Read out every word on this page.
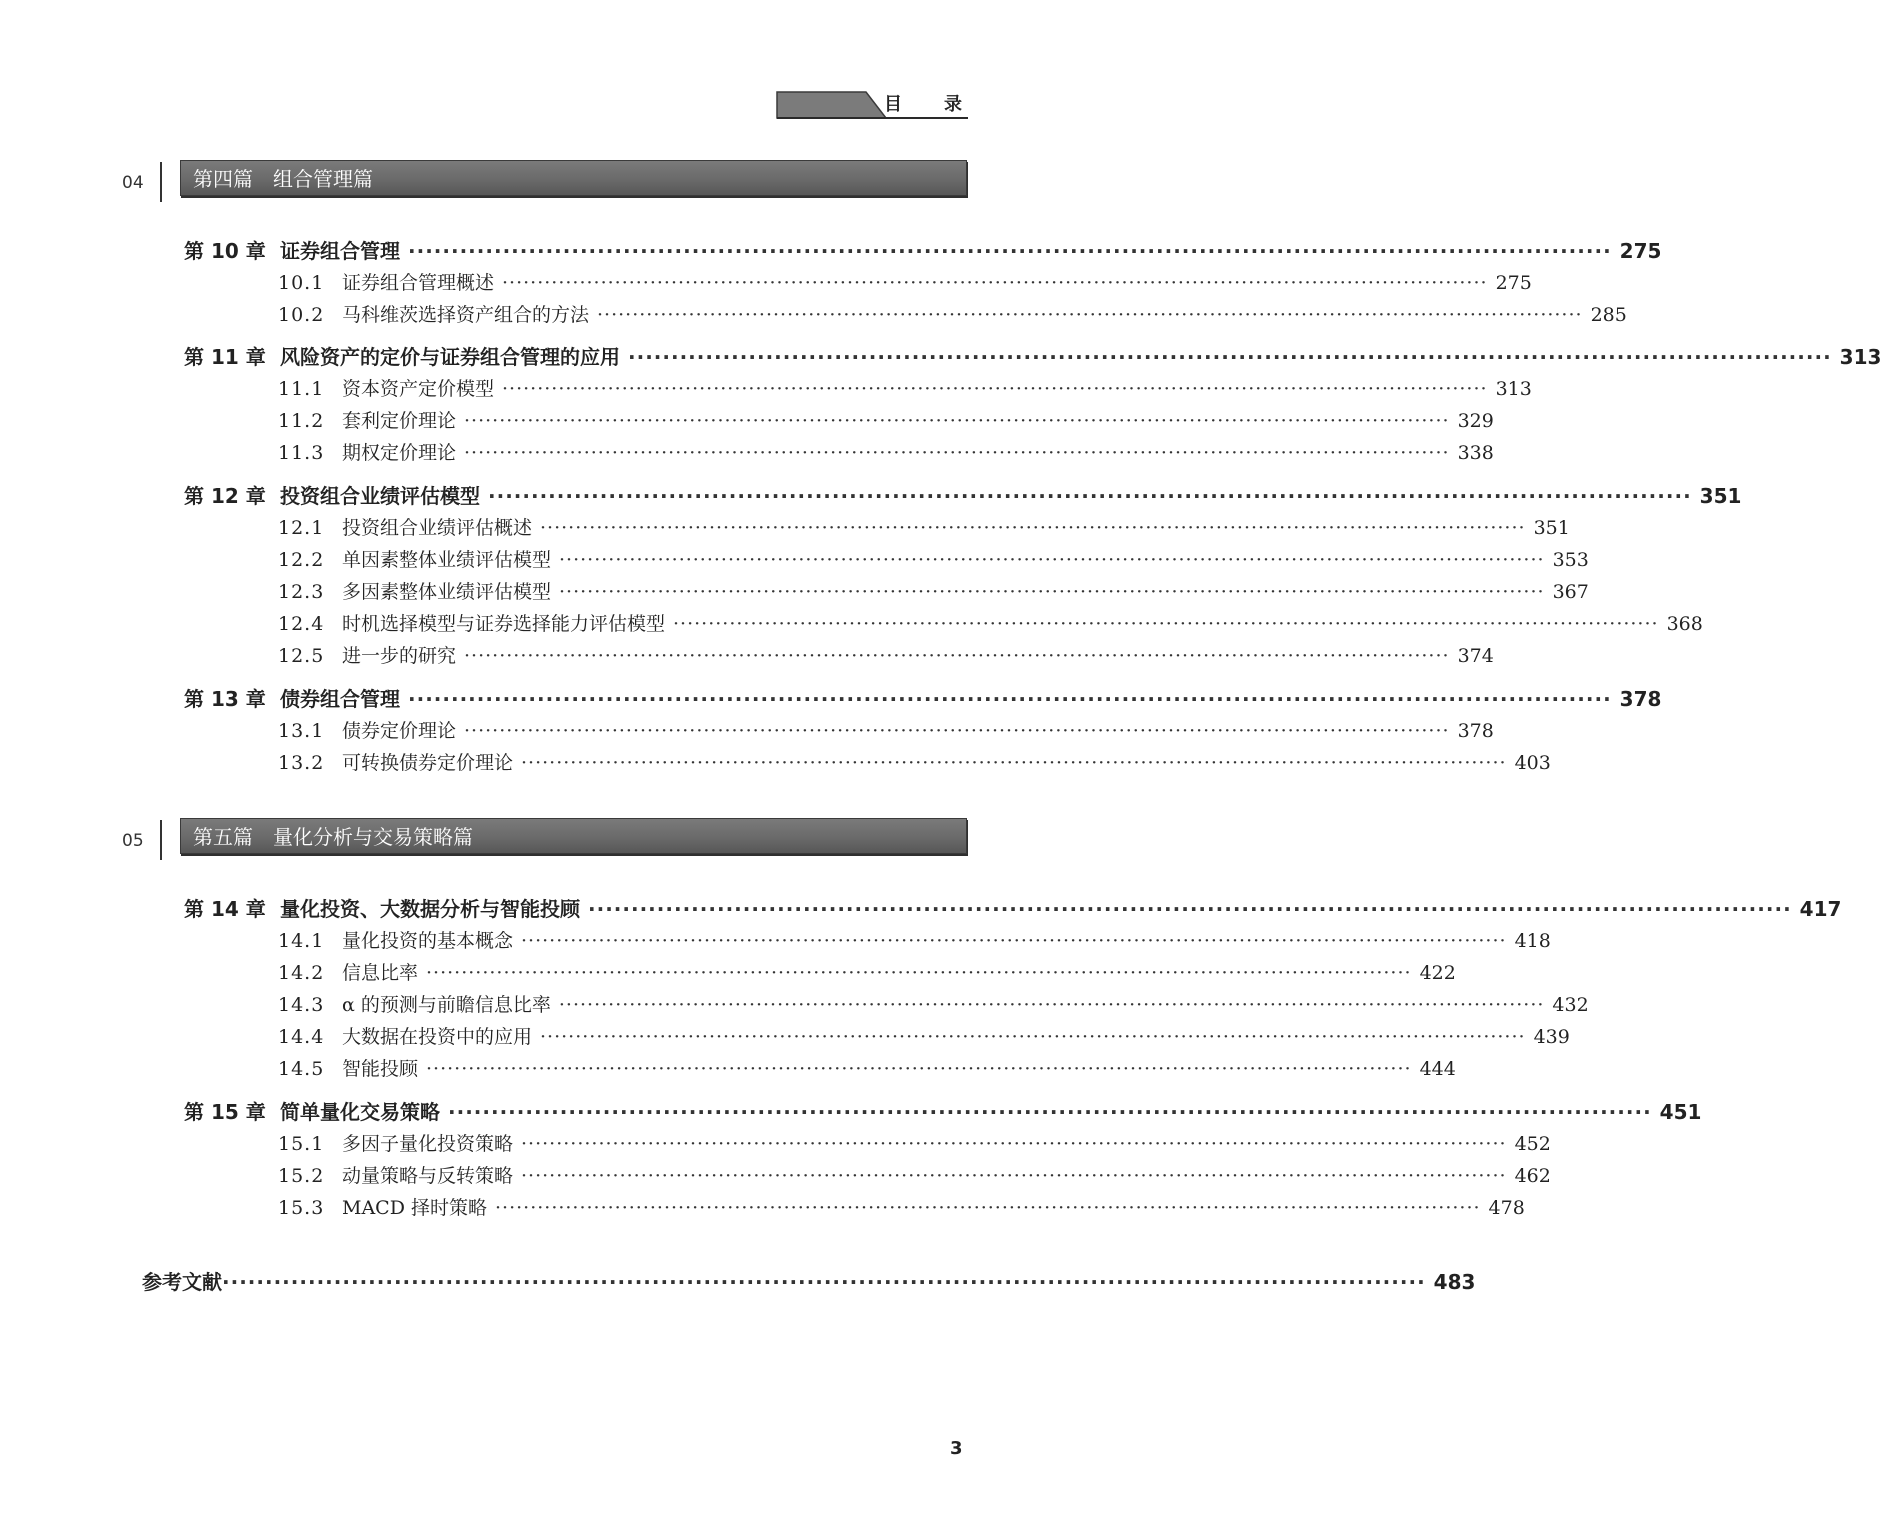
目录
04	第四篇　组合管理篇
第 10 章 证券组合管理 ············································································································································ 275
10.1 证券组合管理概述 ············································································································································ 275
10.2 马科维茨选择资产组合的方法 ············································································································································ 285
第 11 章 风险资产的定价与证券组合管理的应用 ············································································································································ 313
11.1 资本资产定价模型 ············································································································································ 313
11.2 套利定价理论 ············································································································································ 329
11.3 期权定价理论 ············································································································································ 338
第 12 章 投资组合业绩评估模型 ············································································································································ 351
12.1 投资组合业绩评估概述 ············································································································································ 351
12.2 单因素整体业绩评估模型 ············································································································································ 353
12.3 多因素整体业绩评估模型 ············································································································································ 367
12.4 时机选择模型与证券选择能力评估模型 ············································································································································ 368
12.5 进一步的研究 ············································································································································ 374
第 13 章 债券组合管理 ············································································································································ 378
13.1 债券定价理论 ············································································································································ 378
13.2 可转换债券定价理论 ············································································································································ 403
05	第五篇　量化分析与交易策略篇
第 14 章 量化投资、大数据分析与智能投顾 ············································································································································ 417
14.1 量化投资的基本概念 ············································································································································ 418
14.2 信息比率 ············································································································································ 422
14.3 α 的预测与前瞻信息比率 ············································································································································ 432
14.4 大数据在投资中的应用 ············································································································································ 439
14.5 智能投顾 ············································································································································ 444
第 15 章 简单量化交易策略 ············································································································································ 451
15.1 多因子量化投资策略 ············································································································································ 452
15.2 动量策略与反转策略 ············································································································································ 462
15.3 MACD 择时策略 ············································································································································ 478
参考文献 ············································································································································ 483
3
